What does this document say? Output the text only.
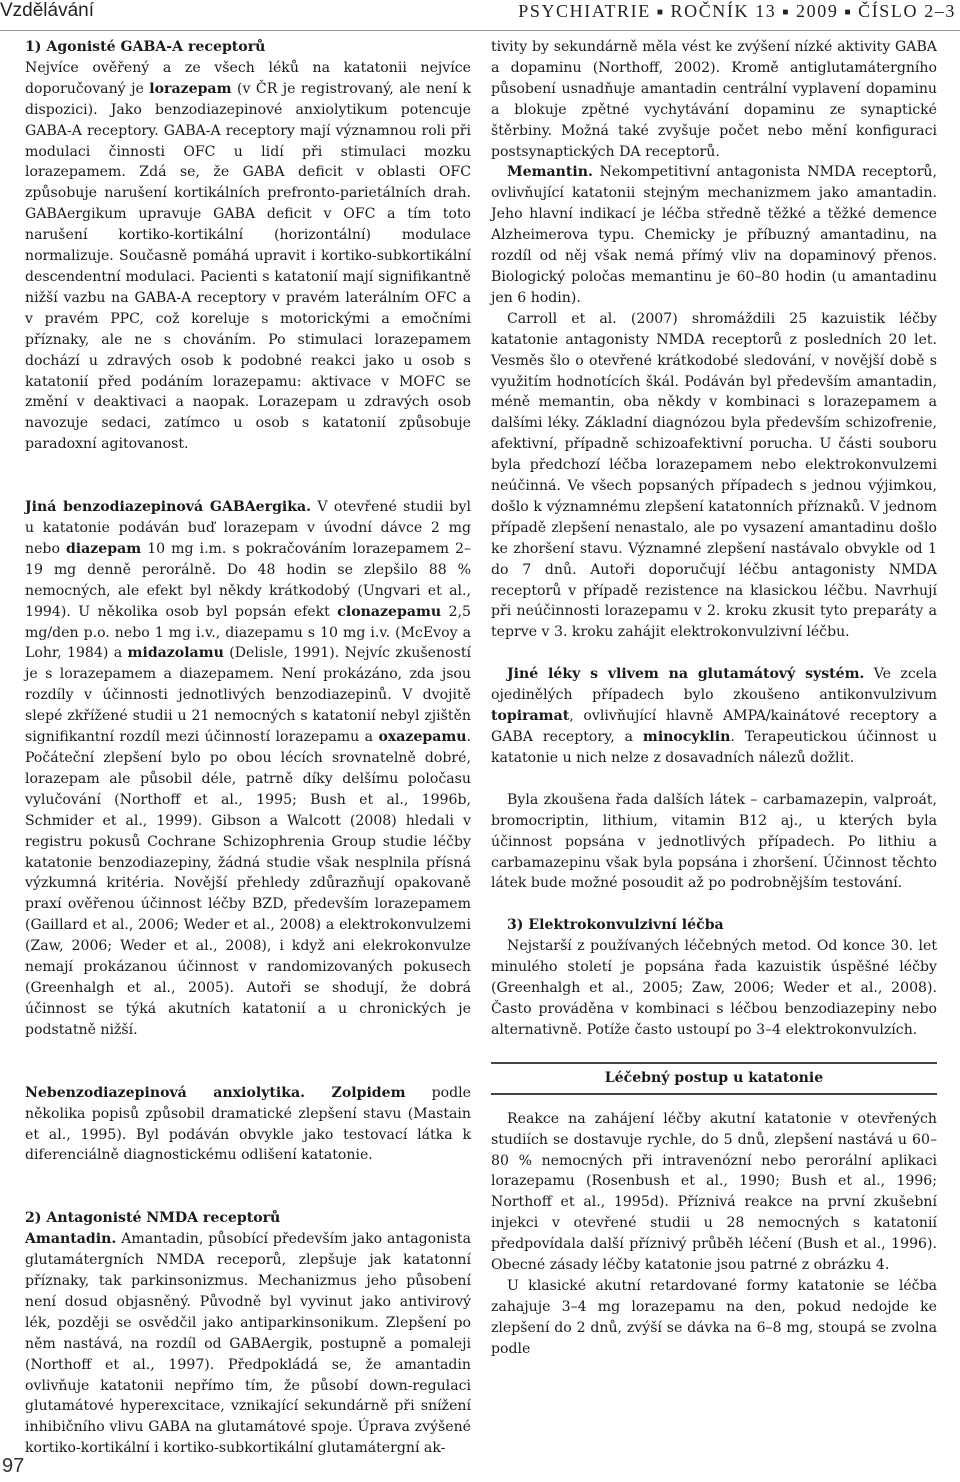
Vzdělávání	PSYCHIATRIE ■ ROČNÍK 13 ■ 2009 ■ ČÍSLO 2–3
1) Agonisté GABA-A receptorů

Nejvíce ověřený a ze všech léků na katatonii nejvíce doporučovaný je lorazepam (v ČR je registrovaný, ale není k dispozici). Jako benzodiazepinové anxiolytikum potencuje GABA-A receptory. GABA-A receptory mají významnou roli při modulaci činnosti OFC u lidí při stimulaci mozku lorazepamem. Zdá se, že GABA deficit v oblasti OFC způsobuje narušení kortikálních prefronto-parietálních drah. GABAergikum upravuje GABA deficit v OFC a tím toto narušení kortiko-kortikální (horizontální) modulace normalizuje. Současně pomáhá upravit i kortiko-subkortikální descendentní modulaci. Pacienti s katatonií mají signifikantně nižší vazbu na GABA-A receptory v pravém laterálním OFC a v pravém PPC, což koreluje s motorickými a emočními příznaky, ale ne s chováním. Po stimulaci lorazepamem dochází u zdravých osob k podobné reakci jako u osob s katatonií před podáním lorazepamu: aktivace v MOFC se změní v deaktivaci a naopak. Lorazepam u zdravých osob navozuje sedaci, zatímco u osob s katatonií způsobuje paradoxní agitovanost.

Jiná benzodiazepinová GABAergika. V otevřené studii byl u katatonie podáván buď lorazepam v úvodní dávce 2 mg nebo diazepam 10 mg i.m. s pokračováním lorazepamem 2–19 mg denně perorálně. Do 48 hodin se zlepšilo 88 % nemocných, ale efekt byl někdy krátkodobý (Ungvari et al., 1994). U několika osob byl popsán efekt clonazepamu 2,5 mg/den p.o. nebo 1 mg i.v., diazepamu s 10 mg i.v. (McEvoy a Lohr, 1984) a midazolamu (Delisle, 1991). Nejvíc zkušeností je s lorazepamem a diazepamem. Není prokázáno, zda jsou rozdíly v účinnosti jednotlivých benzodiazepinů. V dvojitě slepé zkřížené studii u 21 nemocných s katatonií nebyl zjištěn signifikantní rozdíl mezi účinností lorazepamu a oxazepamu. Počáteční zlepšení bylo po obou lécích srovnatelně dobré, lorazepam ale působil déle, patrně díky delšímu poločasu vylučování (Northoff et al., 1995; Bush et al., 1996b, Schmider et al., 1999). Gibson a Walcott (2008) hledali v registru pokusů Cochrane Schizophrenia Group studie léčby katatonie benzodiazepiny, žádná studie však nesplnila přísná výzkumná kritéria. Novější přehledy zdůrazňují opakovaně praxí ověřenou účinnost léčby BZD, především lorazepamem (Gaillard et al., 2006; Weder et al., 2008) a elektrokonvulzemi (Zaw, 2006; Weder et al., 2008), i když ani elekrokonvulze nemají prokázanou účinnost v randomizovaných pokusech (Greenhalgh et al., 2005). Autoři se shodují, že dobrá účinnost se týká akutních katatonií a u chronických je podstatně nižší.

Nebenzodiazepinová anxiolytika. Zolpidem podle několika popisů způsobil dramatické zlepšení stavu (Mastain et al., 1995). Byl podáván obvykle jako testovací látka k diferenciálně diagnostickému odlišení katatonie.

2) Antagonisté NMDA receptorů

Amantadin. Amantadin, působící především jako antagonista glutamátergních NMDA receporů, zlepšuje jak katatonní příznaky, tak parkinsonizmus. Mechanizmus jeho působení není dosud objasněný. Původně byl vyvinut jako antivirový lék, později se osvědčil jako antiparkinsonikum. Zlepšení po něm nastává, na rozdíl od GABAergik, postupně a pomaleji (Northoff et al., 1997). Předpokládá se, že amantadin ovlivňuje katatonii nepřímo tím, že působí down-regulaci glutamátové hyperexcitace, vznikající sekundárně při snížení inhibičního vlivu GABA na glutamátové spoje. Úprava zvýšené kortiko-kortikální i kortiko-subkortikální glutamátergní ak-

tivity by sekundárně měla vést ke zvýšení nízké aktivity GABA a dopaminu (Northoff, 2002). Kromě antiglutamátergního působení usnadňuje amantadin centrální vyplavení dopaminu a blokuje zpětné vychytávání dopaminu ze synaptické štěrbiny. Možná také zvyšuje počet nebo mění konfiguraci postsynaptických DA receptorů.

Memantin. Nekompetitivní antagonista NMDA receptorů, ovlivňující katatonii stejným mechanizmem jako amantadin. Jeho hlavní indikací je léčba středně těžké a těžké demence Alzheimerova typu. Chemicky je příbuzný amantadinu, na rozdíl od něj však nemá přímý vliv na dopaminový přenos. Biologický poločas memantinu je 60–80 hodin (u amantadinu jen 6 hodin).

Carroll et al. (2007) shromáždili 25 kazuistik léčby katatonie antagonisty NMDA receptorů z posledních 20 let. Vesměs šlo o otevřené krátkodobé sledování, v novější době s využitím hodnotících škál. Podáván byl především amantadin, méně memantin, oba někdy v kombinaci s lorazepamem a dalšími léky. Základní diagnózou byla především schizofrenie, afektivní, případně schizoafektivní porucha. U části souboru byla předchozí léčba lorazepamem nebo elektrokonvulzemi neúčinná. Ve všech popsaných případech s jednou výjimkou, došlo k významnému zlepšení katatonních příznaků. V jednom případě zlepšení nenastalo, ale po vysazení amantadinu došlo ke zhoršení stavu. Významné zlepšení nastávalo obvykle od 1 do 7 dnů. Autoři doporučují léčbu antagonisty NMDA receptorů v případě rezistence na klasickou léčbu. Navrhují při neúčinnosti lorazepamu v 2. kroku zkusit tyto preparáty a teprve v 3. kroku zahájit elektrokonvulzivní léčbu.

Jiné léky s vlivem na glutamátový systém. Ve zcela ojedinělých případech bylo zkoušeno antikonvulzivum topiramat, ovlivňující hlavně AMPA/kainátové receptory a GABA receptory, a minocyklin. Terapeutickou účinnost u katatonie u nich nelze z dosavadních nálezů dožlit.

Byla zkoušena řada dalších látek – carbamazepin, valproát, bromocriptin, lithium, vitamin B12 aj., u kterých byla účinnost popsána v jednotlivých případech. Po lithiu a carbamazepinu však byla popsána i zhoršení. Účinnost těchto látek bude možné posoudit až po podrobnějším testování.

3) Elektrokonvulzivní léčba

Nejstarší z používaných léčebných metod. Od konce 30. let minulého století je popsána řada kazuistik úspěšné léčby (Greenhalgh et al., 2005; Zaw, 2006; Weder et al., 2008). Často prováděna v kombinaci s léčbou benzodiazepiny nebo alternativně. Potíže často ustoupí po 3–4 elektrokonvulzích.

Léčebný postup u katatonie

Reakce na zahájení léčby akutní katatonie v otevřených studiích se dostavuje rychle, do 5 dnů, zlepšení nastává u 60–80 % nemocných při intravenózní nebo perorální aplikaci lorazepamu (Rosenbush et al., 1990; Bush et al., 1996; Northoff et al., 1995d). Příznivá reakce na první zkušební injekci v otevřené studii u 28 nemocných s katatonií předpovídala další příznivý průběh léčení (Bush et al., 1996). Obecné zásady léčby katatonie jsou patrné z obrázku 4.

U klasické akutní retardované formy katatonie se léčba zahajuje 3–4 mg lorazepamu na den, pokud nedojde ke zlepšení do 2 dnů, zvýší se dávka na 6–8 mg, stoupá se zvolna podle

97
